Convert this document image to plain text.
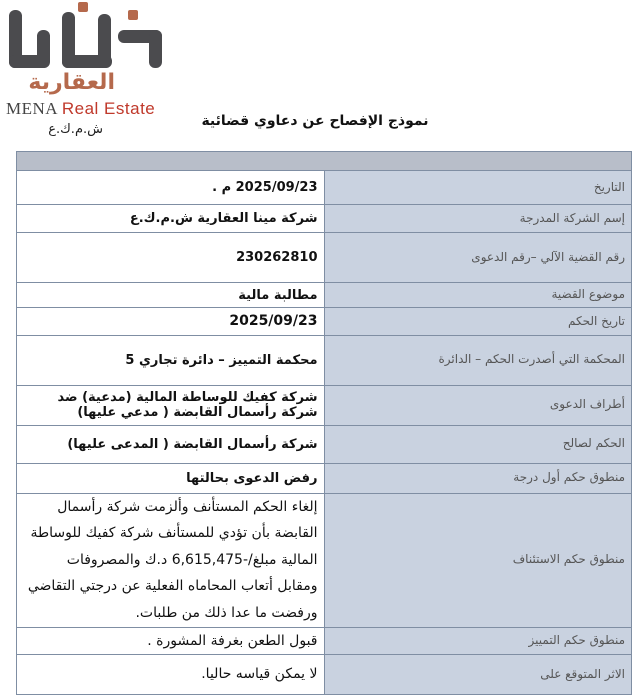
العقارية
MENA Real Estate
ش.م.ك.ع
نموذج الإفصاح عن دعاوي قضائية

التاريخ	2025/09/23 م .
إسم الشركة المدرجة	شركة مينا العقارية ش.م.ك.ع
رقم القضية الآلي –رقم الدعوى	230262810
موضوع القضية	مطالبة مالية
تاريخ الحكم	2025/09/23
المحكمة التي أصدرت الحكم – الدائرة	محكمة التمييز – دائرة تجاري 5
أطراف الدعوى	شركة كفيك للوساطة المالية (مدعية) ضد شركة رأسمال القابضة ( مدعي عليها)
الحكم لصالح	شركة رأسمال القابضة ( المدعى عليها)
منطوق حكم أول درجة	رفض الدعوى بحالتها
منطوق حكم الاستئناف	إلغاء الحكم المستأنف وألزمت شركة رأسمال القابضة بأن تؤدي للمستأنف شركة كفيك للوساطة المالية مبلغ/-6,615,475 د.ك والمصروفات ومقابل أتعاب المحاماه الفعلية عن درجتي التقاضي ورفضت ما عدا ذلك من طلبات.
منطوق حكم التمييز	قبول الطعن بغرفة المشورة .
الاثر المتوقع على	لا يمكن قياسه حاليا.
